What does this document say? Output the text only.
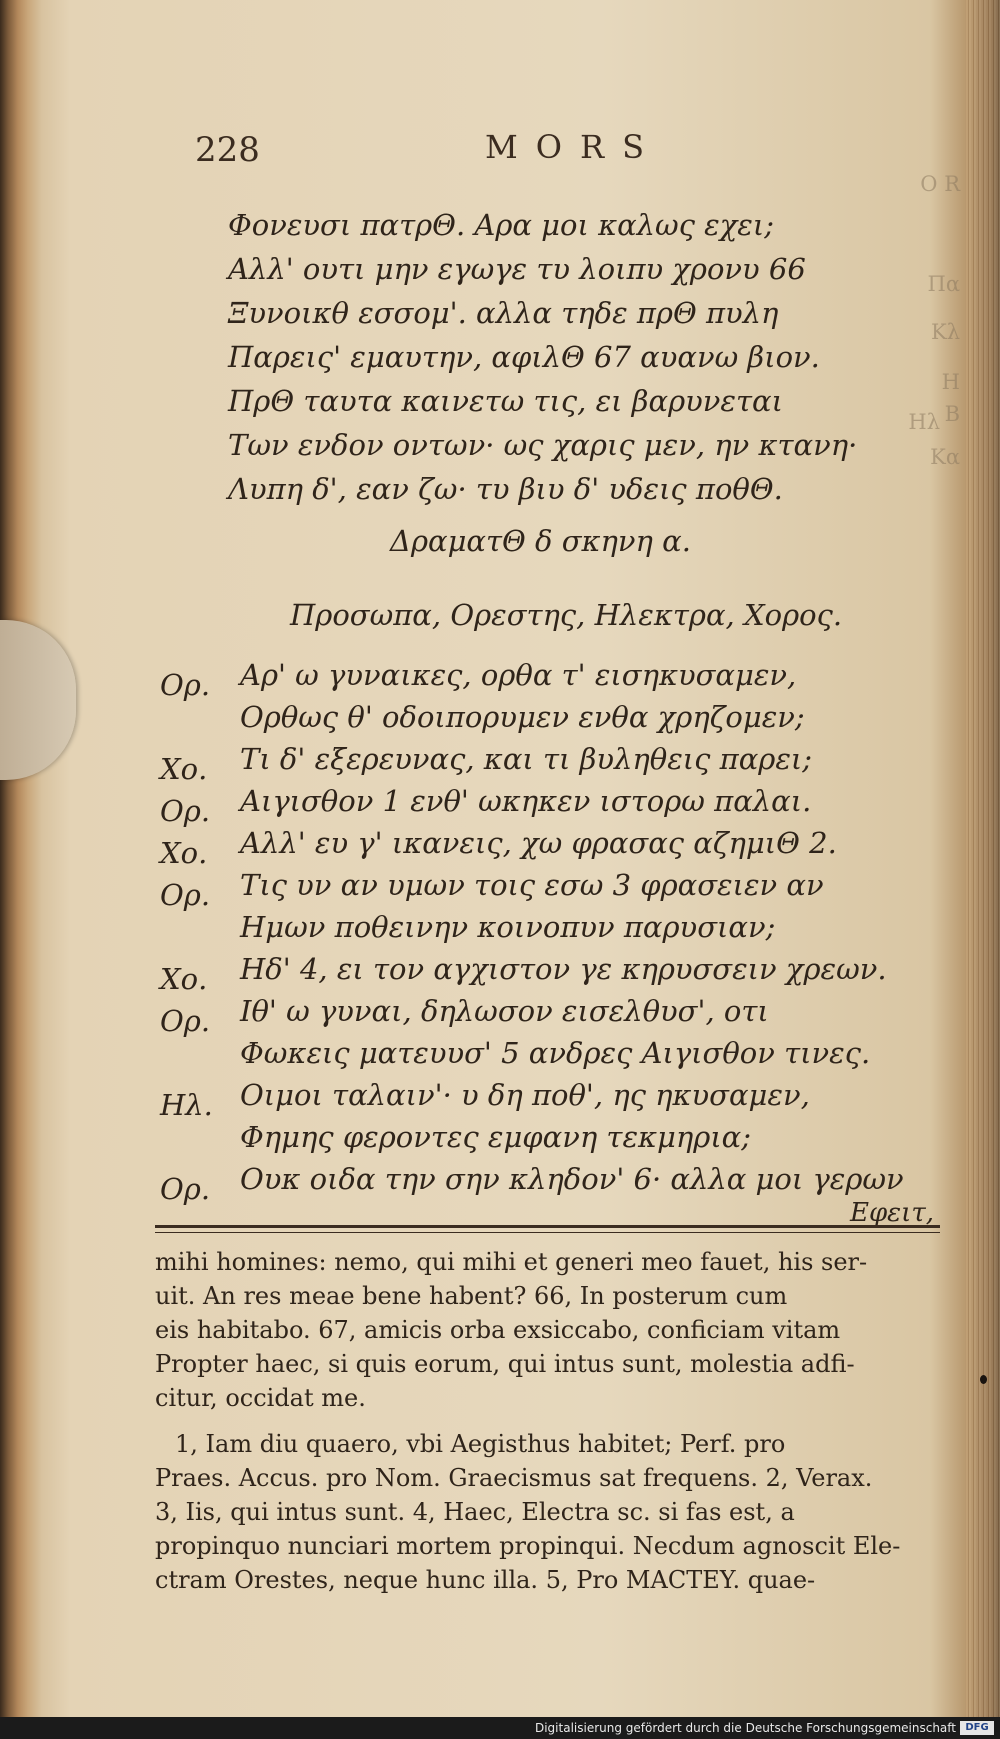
O R
Πα
Κλ
Η
Β
Ηλ
Κα
228	MORS
Φονευσι πατρΘ. Αρα μοι καλως εχει;
Αλλ' ουτι μην εγωγε τυ λοιπυ χρονυ 66
Ξυνοικθ εσσομ'. αλλα τηδε πρΘ πυλη
Παρεις' εμαυτην, αφιλΘ 67 αυανω βιον.
ΠρΘ ταυτα καινετω τις, ει βαρυνεται
Των ενδον οντων· ως χαρις μεν, ην κτανη·
Λυπη δ', εαν ζω· τυ βιυ δ' υδεις ποθΘ.
ΔραματΘ δ σκηνη α.
Προσωπα, Ορεστης, Ηλεκτρα, Χορος.
Ορ. Αρ' ω γυναικες, ορθα τ' εισηκυσαμεν,
Ορθως θ' οδοιπορυμεν ενθα χρηζομεν;
Χο. Τι δ' εξερευνας, και τι βυληθεις παρει;
Ορ. Αιγισθον 1 ενθ' ωκηκεν ιστορω παλαι.
Χο. Αλλ' ευ γ' ικανεις, χω φρασας αζημιΘ 2.
Ορ. Τις υν αν υμων τοις εσω 3 φρασειεν αν
Ημων ποθεινην κοινοπυν παρυσιαν;
Χο. Ηδ' 4, ει τον αγχιστον γε κηρυσσειν χρεων.
Ορ. Ιθ' ω γυναι, δηλωσον εισελθυσ', οτι
Φωκεις ματευυσ' 5 ανδρες Αιγισθον τινες.
Ηλ. Οιμοι ταλαιν'· υ δη ποθ', ης ηκυσαμεν,
Φημης φεροντες εμφανη τεκμηρια;
Ορ. Ουκ οιδα την σην κληδον' 6· αλλα μοι γερων
Εφειτ,
mihi homines: nemo, qui mihi et generi meo fauet, his ser-
uit. An res meae bene habent? 66, In posterum cum
eis habitabo. 67, amicis orba exsiccabo, conficiam vitam
Propter haec, si quis eorum, qui intus sunt, molestia adfi-
citur, occidat me.
1, Iam diu quaero, vbi Aegisthus habitet; Perf. pro
Praes. Accus. pro Nom. Graecismus sat frequens. 2, Verax.
3, Iis, qui intus sunt. 4, Haec, Electra sc. si fas est, a
propinquo nunciari mortem propinqui. Necdum agnoscit Ele-
ctram Orestes, neque hunc illa. 5, Pro MACTEY. quae-
Digitalisierung gefördert durch die Deutsche Forschungsgemeinschaft DFG
